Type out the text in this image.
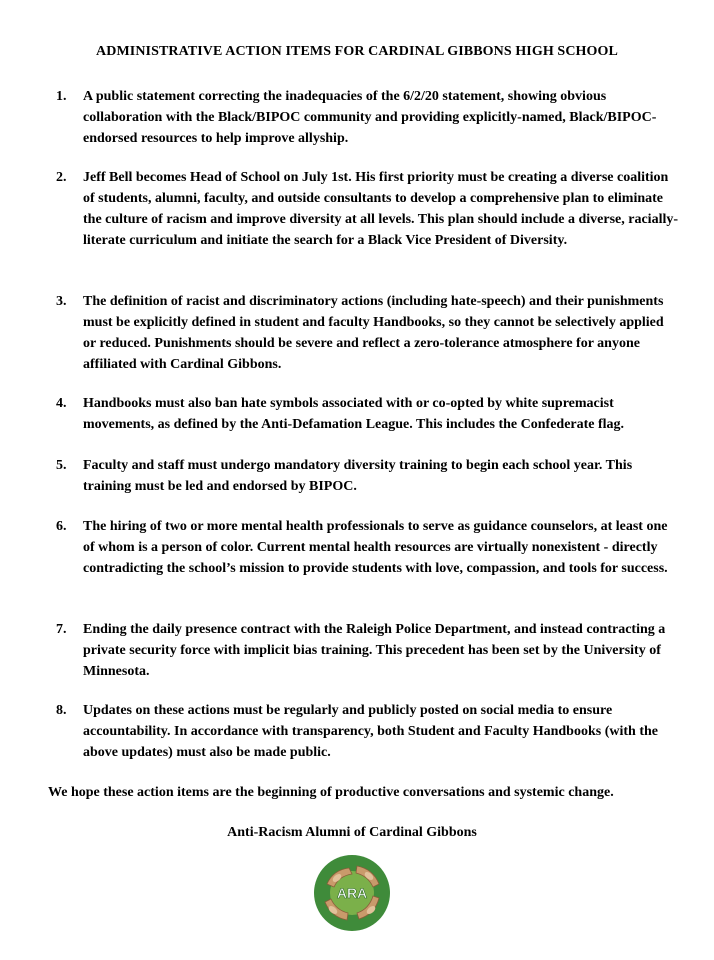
ADMINISTRATIVE ACTION ITEMS FOR CARDINAL GIBBONS HIGH SCHOOL
1. A public statement correcting the inadequacies of the 6/2/20 statement, showing obvious collaboration with the Black/BIPOC community and providing explicitly-named, Black/BIPOC-endorsed resources to help improve allyship.
2. Jeff Bell becomes Head of School on July 1st. His first priority must be creating a diverse coalition of students, alumni, faculty, and outside consultants to develop a comprehensive plan to eliminate the culture of racism and improve diversity at all levels. This plan should include a diverse, racially-literate curriculum and initiate the search for a Black Vice President of Diversity.
3. The definition of racist and discriminatory actions (including hate-speech) and their punishments must be explicitly defined in student and faculty Handbooks, so they cannot be selectively applied or reduced. Punishments should be severe and reflect a zero-tolerance atmosphere for anyone affiliated with Cardinal Gibbons.
4. Handbooks must also ban hate symbols associated with or co-opted by white supremacist movements, as defined by the Anti-Defamation League. This includes the Confederate flag.
5. Faculty and staff must undergo mandatory diversity training to begin each school year. This training must be led and endorsed by BIPOC.
6. The hiring of two or more mental health professionals to serve as guidance counselors, at least one of whom is a person of color. Current mental health resources are virtually nonexistent - directly contradicting the school’s mission to provide students with love, compassion, and tools for success.
7. Ending the daily presence contract with the Raleigh Police Department, and instead contracting a private security force with implicit bias training. This precedent has been set by the University of Minnesota.
8. Updates on these actions must be regularly and publicly posted on social media to ensure accountability. In accordance with transparency, both Student and Faculty Handbooks (with the above updates) must also be made public.
We hope these action items are the beginning of productive conversations and systemic change.
Anti-Racism Alumni of Cardinal Gibbons
ARA
